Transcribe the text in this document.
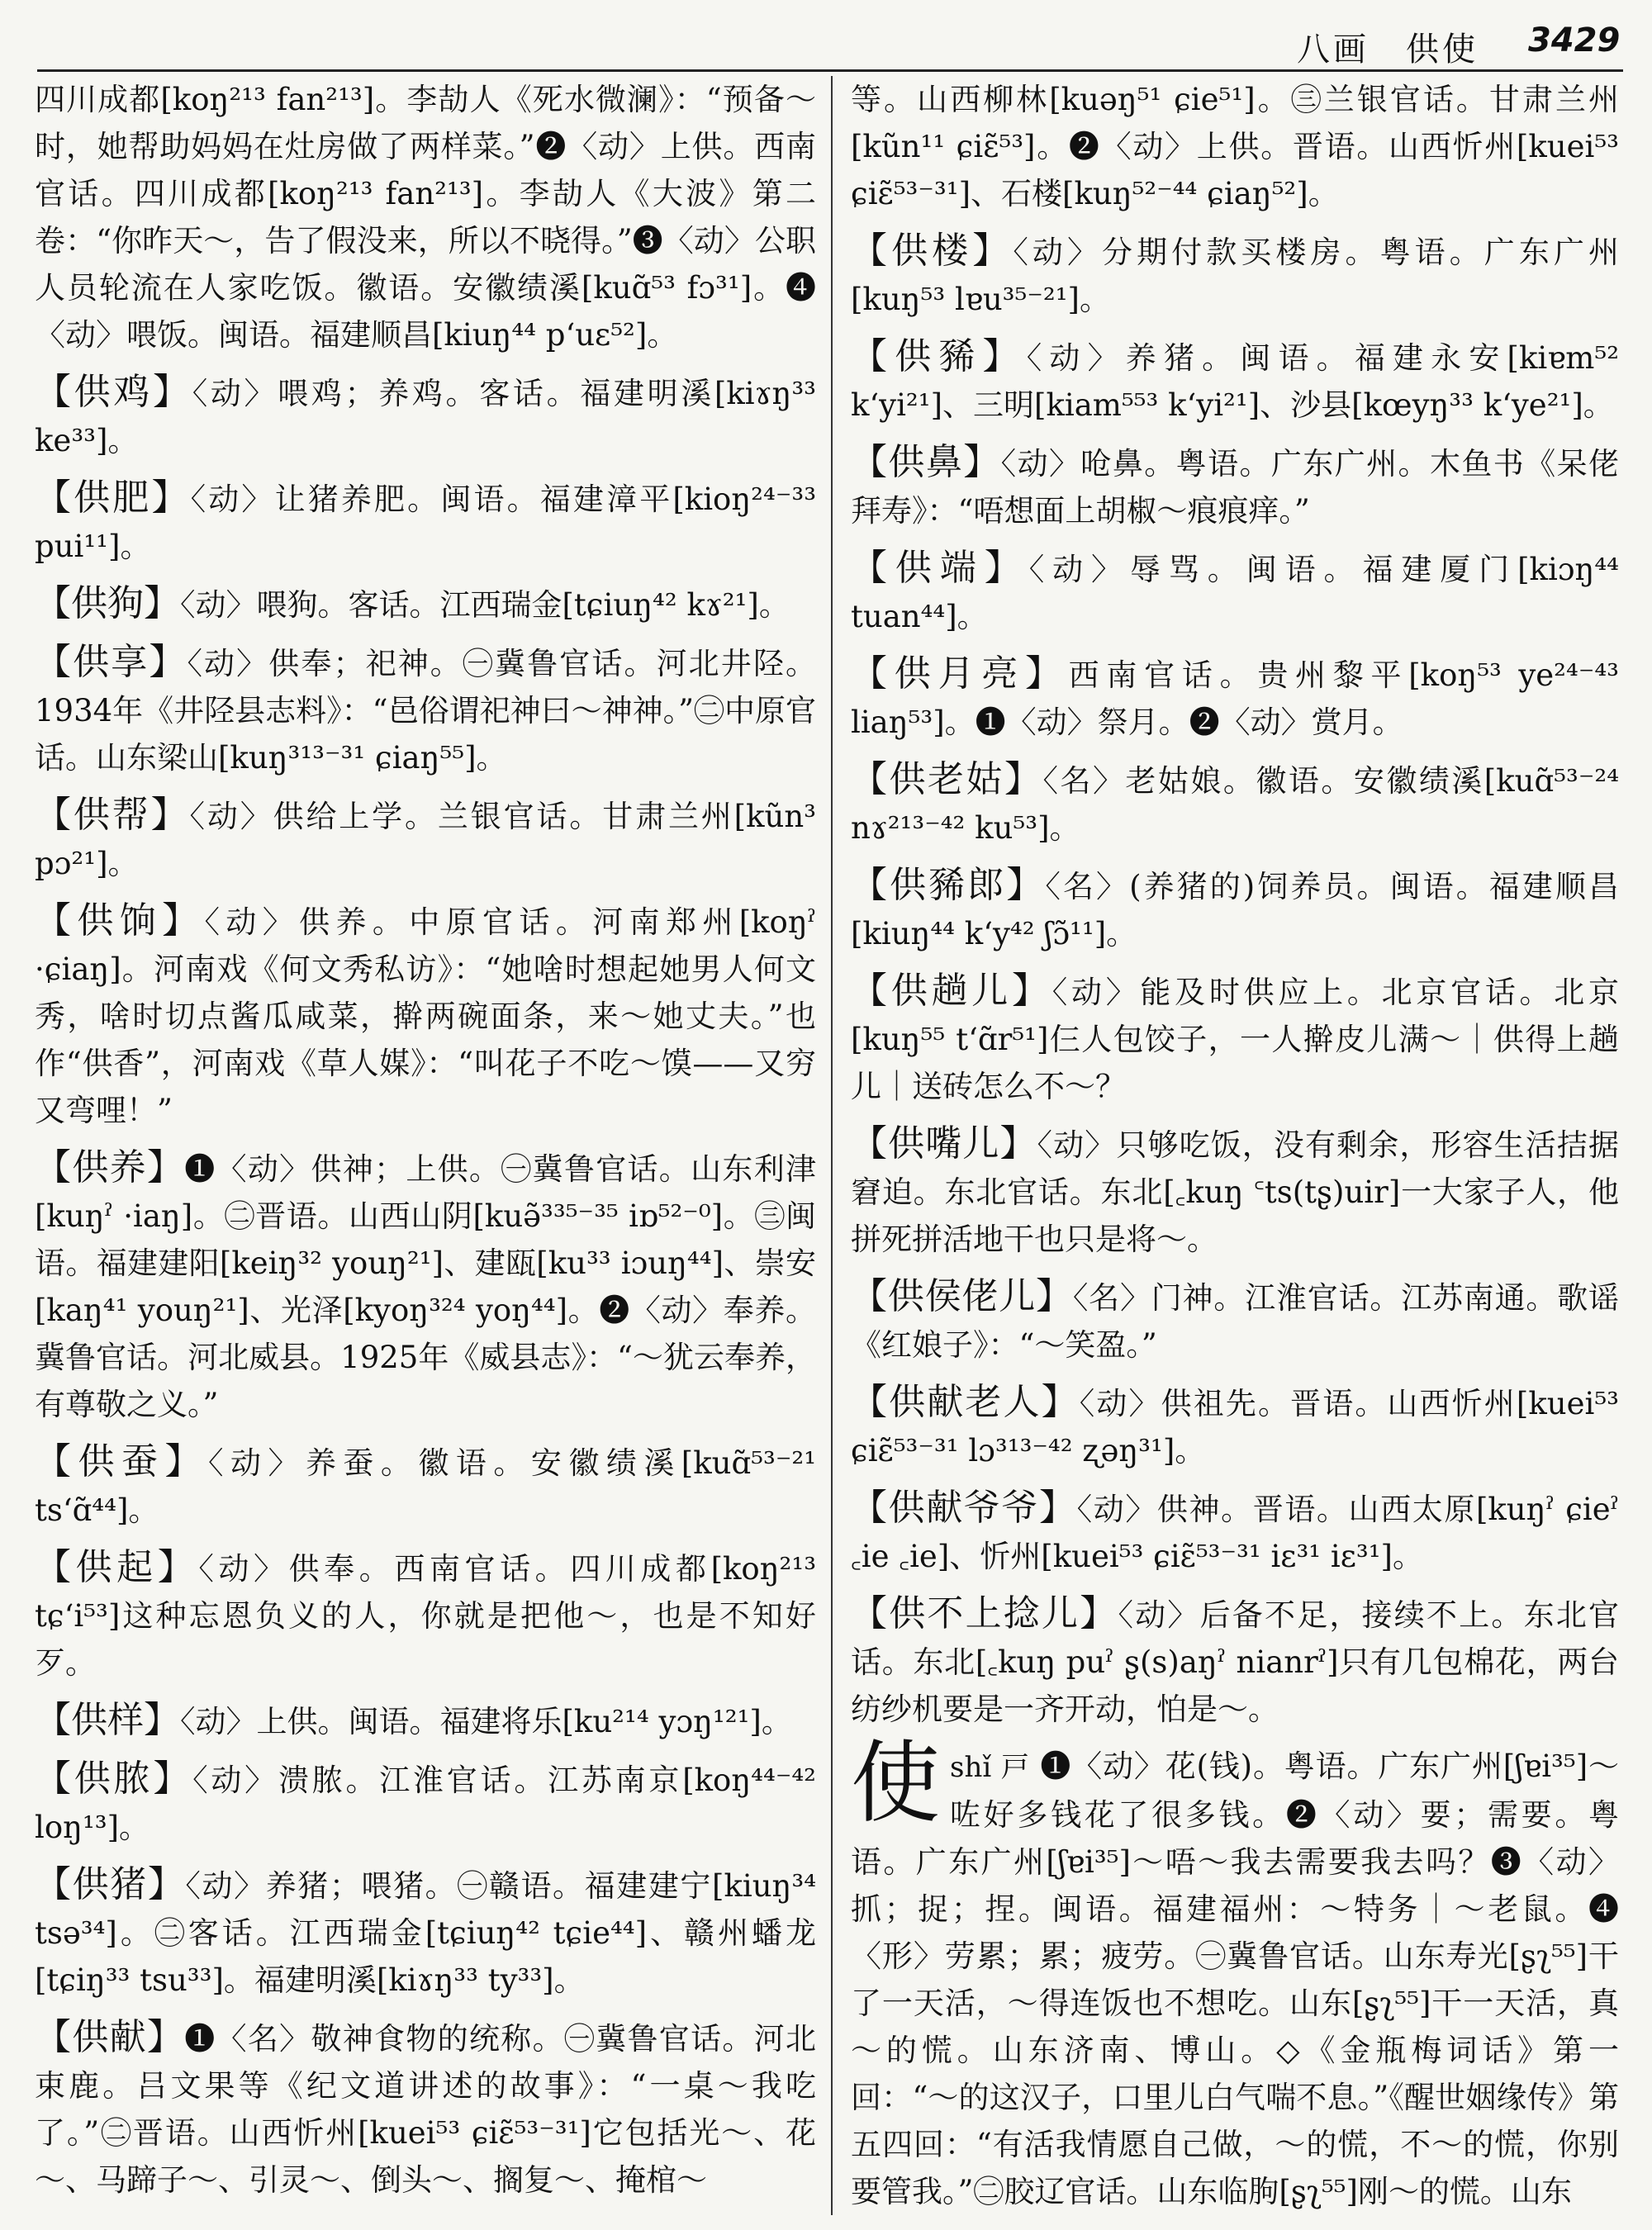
八画　供使 3429
四川成都[koŋ²¹³ fan²¹³]。李劼人《死水微澜》：“预备～时，她帮助妈妈在灶房做了两样菜。”❷〈动〉上供。西南官话。四川成都[koŋ²¹³ fan²¹³]。李劼人《大波》第二卷：“你昨天～，告了假没来，所以不晓得。”❸〈动〉公职人员轮流在人家吃饭。徽语。安徽绩溪[kuɑ̃⁵³ fɔ³¹]。❹〈动〉喂饭。闽语。福建顺昌[kiuŋ⁴⁴ pʻuɛ⁵²]。
【 供鸡 】 〈动〉喂鸡；养鸡。客话。福建明溪[kiɤŋ³³ ke³³]。
【 供肥 】 〈动〉让猪养肥。闽语。福建漳平[kioŋ²⁴⁻³³ pui¹¹]。
【 供狗 】 〈动〉喂狗。客话。江西瑞金[tɕiuŋ⁴² kɤ²¹]。
【 供享 】 〈动〉供奉；祀神。㊀冀鲁官话。河北井陉。1934年《井陉县志料》：“邑俗谓祀神曰～神神。”㊁中原官话。山东梁山[kuŋ³¹³⁻³¹ ɕiaŋ⁵⁵]。
【 供帮 】 〈动〉供给上学。兰银官话。甘肃兰州[kũn³ pɔ²¹]。
【 供饷 】 〈动〉供养。中原官话。河南郑州[koŋˀ ·ɕiaŋ]。河南戏《何文秀私访》：“她啥时想起她男人何文秀，啥时切点酱瓜咸菜，擀两碗面条，来～她丈夫。”也作“供香”，河南戏《草人媒》：“叫花子不吃～馍——又穷又弯哩！”
【 供养 】 ❶〈动〉供神；上供。㊀冀鲁官话。山东利津[kuŋˀ ·iaŋ]。㊁晋语。山西山阴[kuə̃³³⁵⁻³⁵ iɒ⁵²⁻⁰]。㊂闽语。福建建阳[keiŋ³² youŋ²¹]、建瓯[ku³³ iɔuŋ⁴⁴]、崇安[kaŋ⁴¹ youŋ²¹]、光泽[kyoŋ³²⁴ yoŋ⁴⁴]。❷〈动〉奉养。冀鲁官话。河北威县。1925年《威县志》：“～犹云奉养，有尊敬之义。”
【 供蚕 】 〈动〉养蚕。徽语。安徽绩溪[kuɑ̃⁵³⁻²¹ tsʻɑ̃⁴⁴]。
【 供起 】 〈动〉供奉。西南官话。四川成都[koŋ²¹³ tɕʻi⁵³]这种忘恩负义的人，你就是把他～，也是不知好歹。
【 供样 】 〈动〉上供。闽语。福建将乐[ku²¹⁴ yɔŋ¹²¹]。
【 供脓 】 〈动〉溃脓。江淮官话。江苏南京[koŋ⁴⁴⁻⁴² loŋ¹³]。
【 供猪 】 〈动〉养猪；喂猪。㊀赣语。福建建宁[kiuŋ³⁴ tsə³⁴]。㊁客话。江西瑞金[tɕiuŋ⁴² tɕie⁴⁴]、赣州蟠龙[tɕiŋ³³ tsu³³]。福建明溪[kiɤŋ³³ ty³³]。
【 供献 】 ❶〈名〉敬神食物的统称。㊀冀鲁官话。河北束鹿。吕文果等《纪文道讲述的故事》：“一桌～我吃了。”㊁晋语。山西忻州[kuei⁵³ ɕiɛ̃⁵³⁻³¹]它包括光～、花～、马蹄子～、引灵～、倒头～、搁复～、掩棺～
等。山西柳林[kuəŋ⁵¹ ɕie⁵¹]。㊂兰银官话。甘肃兰州[kũn¹¹ ɕiɛ̃⁵³]。❷〈动〉上供。晋语。山西忻州[kuei⁵³ ɕiɛ̃⁵³⁻³¹]、石楼[kuŋ⁵²⁻⁴⁴ ɕiaŋ⁵²]。
【 供楼 】 〈动〉分期付款买楼房。粤语。广东广州[kuŋ⁵³ lɐu³⁵⁻²¹]。
【 供豨 】 〈动〉养猪。闽语。福建永安[kiɐm⁵² kʻyi²¹]、三明[kiam⁵⁵³ kʻyi²¹]、沙县[kœyŋ³³ kʻye²¹]。
【 供鼻 】 〈动〉呛鼻。粤语。广东广州。木鱼书《呆佬拜寿》：“唔想面上胡椒～痕痕痒。”
【 供端 】 〈动〉辱骂。闽语。福建厦门[kiɔŋ⁴⁴ tuan⁴⁴]。
【 供月亮 】 西南官话。贵州黎平[koŋ⁵³ ye²⁴⁻⁴³ liaŋ⁵³]。❶〈动〉祭月。❷〈动〉赏月。
【 供老姑 】 〈名〉老姑娘。徽语。安徽绩溪[kuɑ̃⁵³⁻²⁴ nɤ²¹³⁻⁴² ku⁵³]。
【 供豨郎 】 〈名〉(养猪的)饲养员。闽语。福建顺昌[kiuŋ⁴⁴ kʻy⁴² ʃɔ̃¹¹]。
【 供趟儿 】 〈动〉能及时供应上。北京官话。北京[kuŋ⁵⁵ tʻɑ̃r⁵¹]仨人包饺子，一人擀皮儿满～｜供得上趟儿｜送砖怎么不～？
【 供嘴儿 】 〈动〉只够吃饭，没有剩余，形容生活拮据窘迫。东北官话。东北[꜀kuŋ ꜂ts(tʂ)uir]一大家子人，他拼死拼活地干也只是将～。
【 供侯佬儿 】 〈名〉门神。江淮官话。江苏南通。歌谣《红娘子》：“～笑盈。”
【 供献老人 】 〈动〉供祖先。晋语。山西忻州[kuei⁵³ ɕiɛ̃⁵³⁻³¹ lɔ³¹³⁻⁴² ʐəŋ³¹]。
【 供献爷爷 】 〈动〉供神。晋语。山西太原[kuŋˀ ɕieˀ ꜀ie ꜀ie]、忻州[kuei⁵³ ɕiɛ̃⁵³⁻³¹ iɛ³¹ iɛ³¹]。
【 供不上捻儿 】 〈动〉后备不足，接续不上。东北官话。东北[꜀kuŋ puˀ ʂ(s)aŋˀ nianrˀ]只有几包棉花，两台纺纱机要是一齐开动，怕是～。
使 shǐ 戸 ❶〈动〉花(钱)。粤语。广东广州[ʃɐi³⁵]～咗好多钱花了很多钱。❷〈动〉要；需要。粤语。广东广州[ʃɐi³⁵]～唔～我去需要我去吗？❸〈动〉抓；捉；捏。闽语。福建福州：～特务｜～老鼠。❹〈形〉劳累；累；疲劳。㊀冀鲁官话。山东寿光[ʂʅ⁵⁵]干了一天活，～得连饭也不想吃。山东[ʂʅ⁵⁵]干一天活，真～的慌。山东济南、博山。◇《金瓶梅词话》第一回：“～的这汉子，口里儿白气喘不息。”《醒世姻缘传》第五四回：“有活我情愿自己做，～的慌，不～的慌，你别要管我。”㊁胶辽官话。山东临朐[ʂʅ⁵⁵]刚～的慌。山东
